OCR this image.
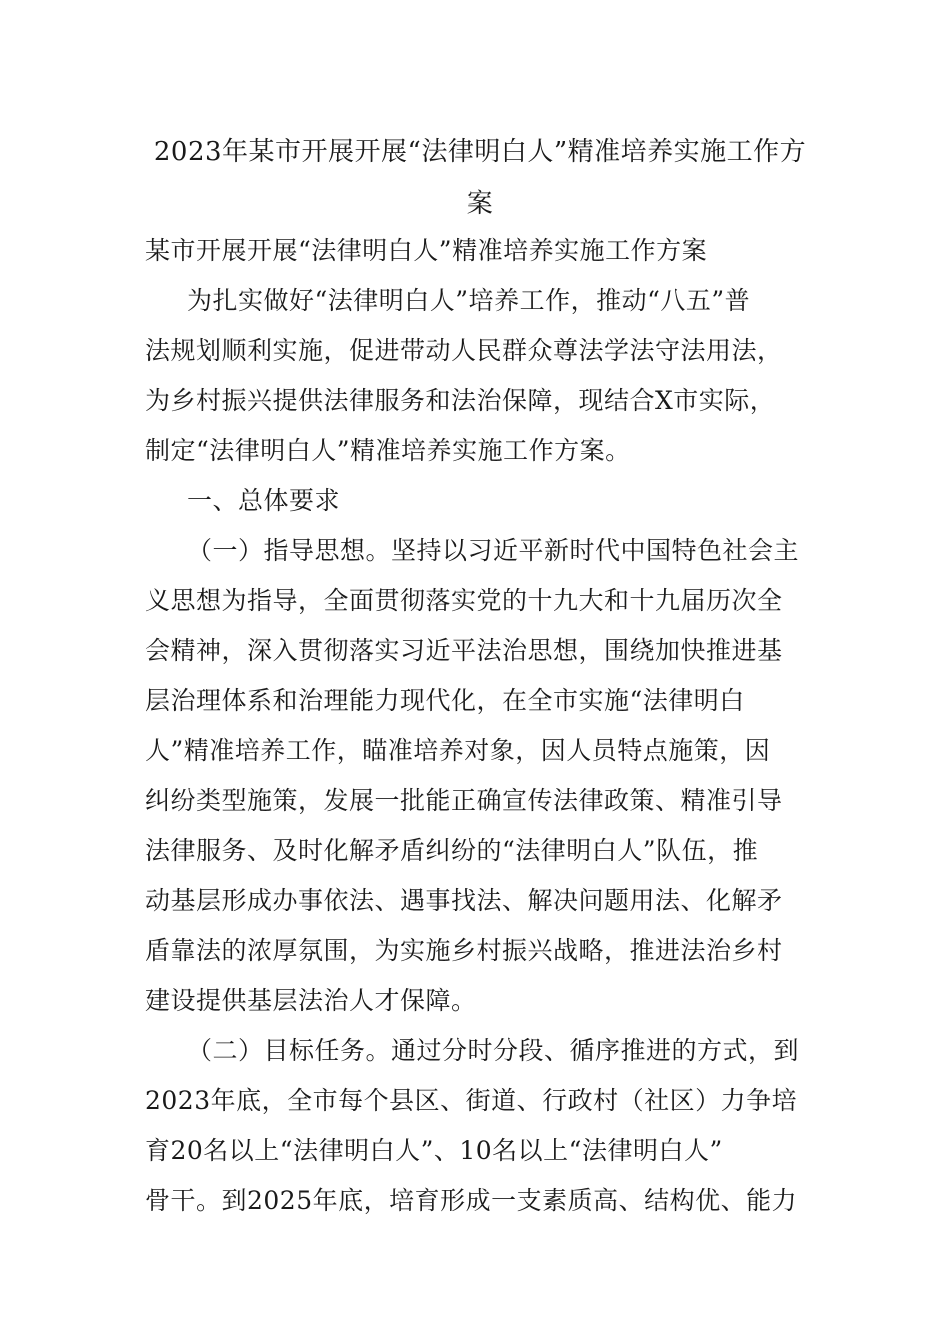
2023年某市开展开展“法律明白人”精准培养实施工作方
案
某市开展开展“法律明白人”精准培养实施工作方案
为扎实做好“法律明白人”培养工作，推动“八五”普
法规划顺利实施，促进带动人民群众尊法学法守法用法，
为乡村振兴提供法律服务和法治保障，现结合X市实际，
制定“法律明白人”精准培养实施工作方案。
一、总体要求
（一）指导思想。坚持以习近平新时代中国特色社会主
义思想为指导，全面贯彻落实党的十九大和十九届历次全
会精神，深入贯彻落实习近平法治思想，围绕加快推进基
层治理体系和治理能力现代化，在全市实施“法律明白
人”精准培养工作，瞄准培养对象，因人员特点施策，因
纠纷类型施策，发展一批能正确宣传法律政策、精准引导
法律服务、及时化解矛盾纠纷的“法律明白人”队伍，推
动基层形成办事依法、遇事找法、解决问题用法、化解矛
盾靠法的浓厚氛围，为实施乡村振兴战略，推进法治乡村
建设提供基层法治人才保障。
（二）目标任务。通过分时分段、循序推进的方式，到
2023年底，全市每个县区、街道、行政村（社区）力争培
育20名以上“法律明白人”、10名以上“法律明白人”
骨干。到2025年底，培育形成一支素质高、结构优、能力
